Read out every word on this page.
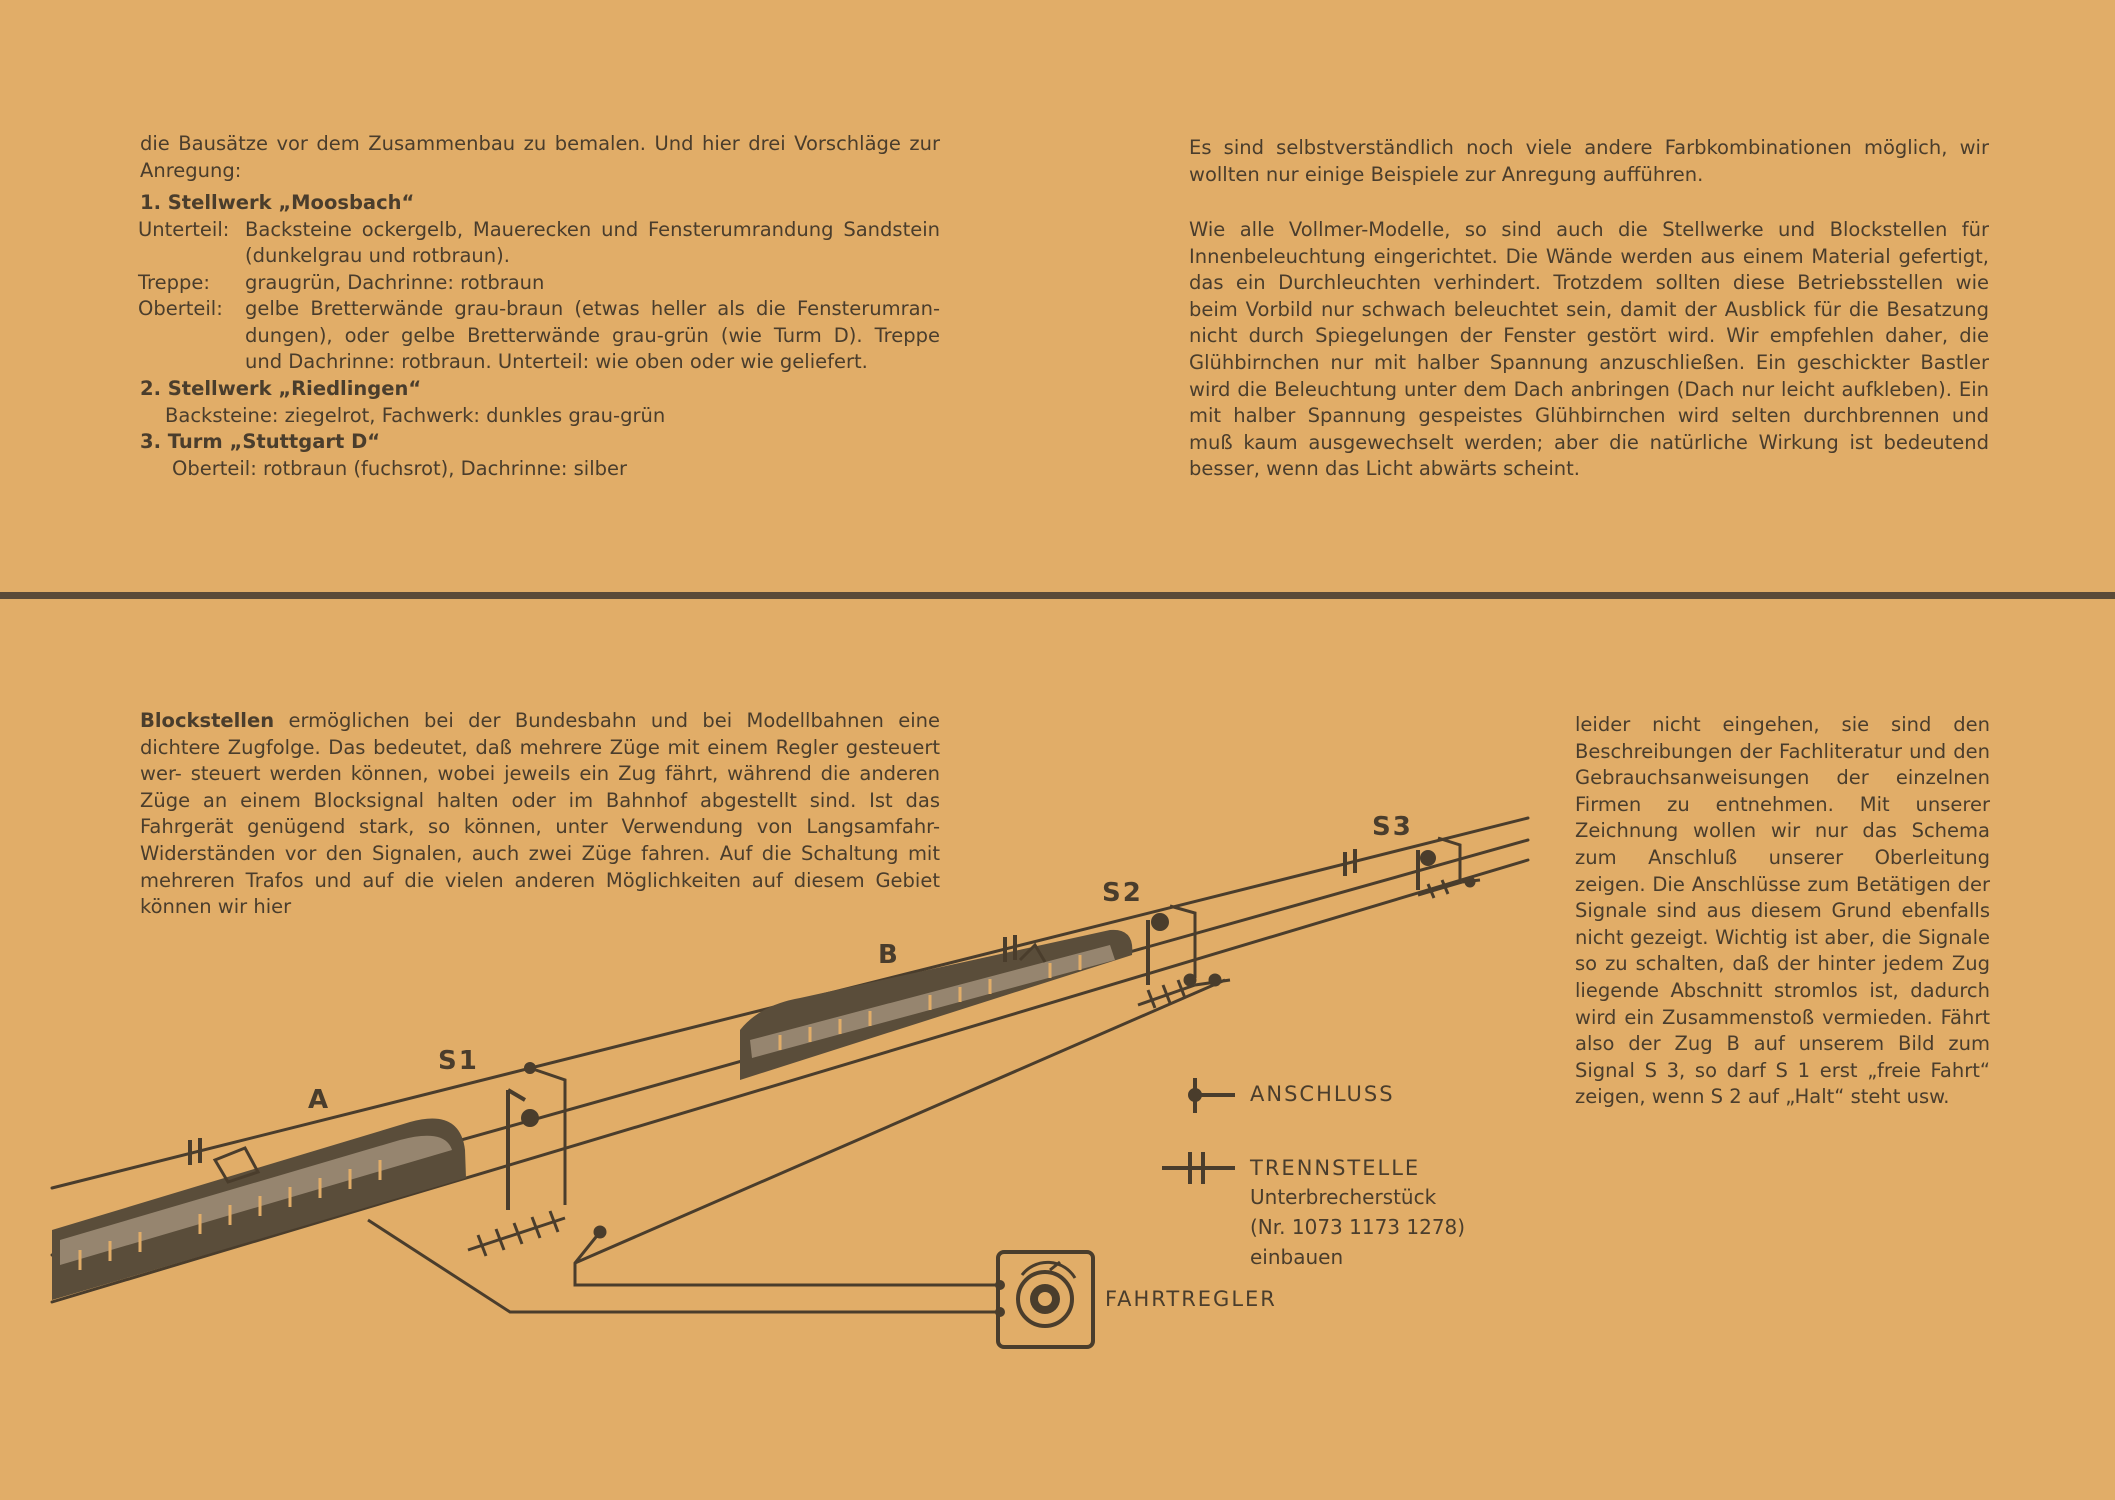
die Bausätze vor dem Zusammenbau zu bemalen. Und hier drei Vorschläge zur Anregung:

1. Stellwerk „Moosbach“
Unterteil: Backsteine ockergelb, Mauerecken und Fensterumrandung Sandstein
(dunkelgrau und rotbraun).
Treppe: graugrün, Dachrinne: rotbraun
Oberteil: gelbe Bretterwände grau-braun (etwas heller als die Fensterumran-
dungen), oder gelbe Bretterwände grau-grün (wie Turm D). Treppe
und Dachrinne: rotbraun. Unterteil: wie oben oder wie geliefert.
2. Stellwerk „Riedlingen“
Backsteine: ziegelrot, Fachwerk: dunkles grau-grün
3. Turm „Stuttgart D“
Oberteil: rotbraun (fuchsrot), Dachrinne: silber

Es sind selbstverständlich noch viele andere Farbkombinationen möglich, wir wollten nur einige Beispiele zur Anregung aufführen.

Wie alle Vollmer-Modelle, so sind auch die Stellwerke und Blockstellen für Innenbeleuchtung eingerichtet. Die Wände werden aus einem Material gefertigt, das ein Durchleuchten verhindert. Trotzdem sollten diese Betriebsstellen wie beim Vorbild nur schwach beleuchtet sein, damit der Ausblick für die Besatzung nicht durch Spiegelungen der Fenster gestört wird. Wir empfehlen daher, die Glühbirnchen nur mit halber Spannung anzuschließen. Ein geschickter Bastler wird die Beleuchtung unter dem Dach anbringen (Dach nur leicht aufkleben). Ein mit halber Spannung gespeistes Glühbirnchen wird selten durchbrennen und muß kaum ausgewechselt werden; aber die natürliche Wirkung ist bedeutend besser, wenn das Licht abwärts scheint.

Blockstellen ermöglichen bei der Bundesbahn und bei Modellbahnen eine dichtere Zugfolge. Das bedeutet, daß mehrere Züge mit einem Regler gesteuert wer- steuert werden können, wobei jeweils ein Zug fährt, während die anderen Züge an einem Blocksignal halten oder im Bahnhof abgestellt sind. Ist das Fahrgerät genügend stark, so können, unter Verwendung von Langsamfahr-Widerständen vor den Signalen, auch zwei Züge fahren. Auf die Schaltung mit mehreren Trafos und auf die vielen anderen Möglichkeiten auf diesem Gebiet können wir hier

leider nicht eingehen, sie sind den Beschreibungen der Fachliteratur und den Gebrauchsanweisungen der einzelnen Firmen zu entnehmen. Mit unserer Zeichnung wollen wir nur das Schema zum Anschluß unserer Oberleitung zeigen. Die Anschlüsse zum Betätigen der Signale sind aus diesem Grund ebenfalls nicht gezeigt. Wichtig ist aber, die Signale so zu schalten, daß der hinter jedem Zug liegende Abschnitt stromlos ist, dadurch wird ein Zusammenstoß vermieden. Fährt also der Zug B auf unserem Bild zum Signal S 3, so darf S 1 erst „freie Fahrt“ zeigen, wenn S 2 auf „Halt“ steht usw.

A
B
S1
S2
S3
ANSCHLUSS
TRENNSTELLE
Unterbrecherstück
(Nr. 1073 1173 1278)
einbauen
FAHRTREGLER
